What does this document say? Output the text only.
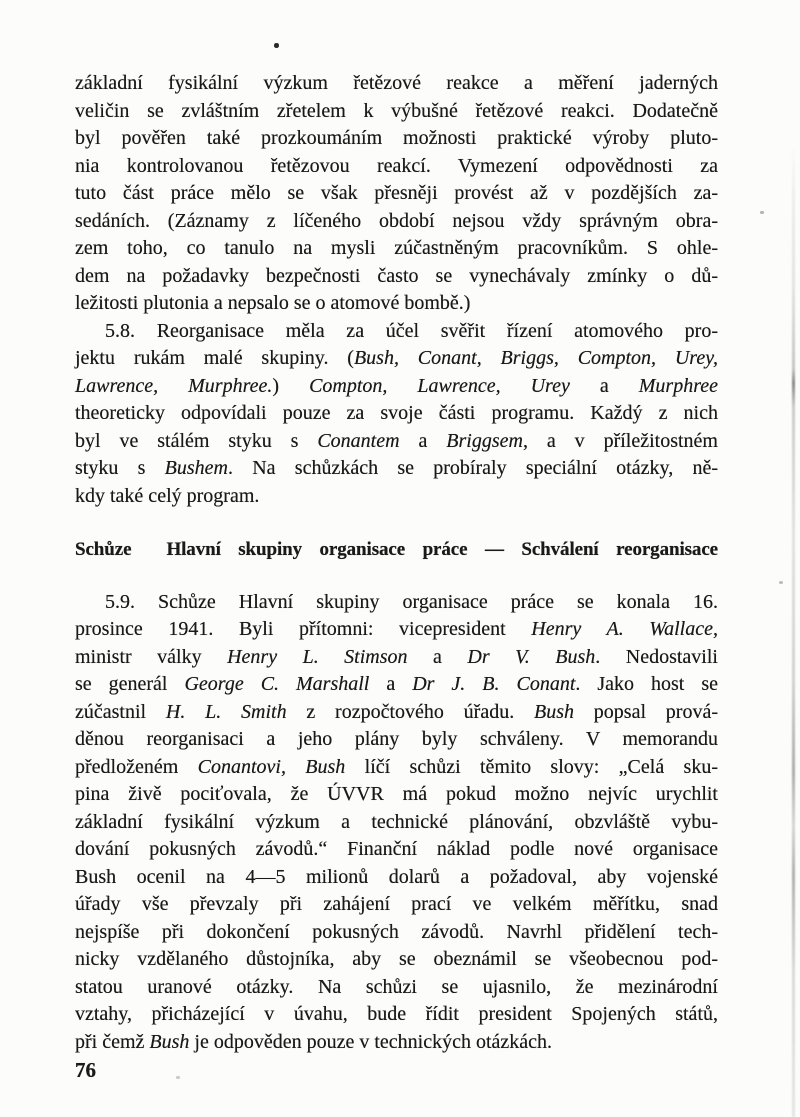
základní fysikální výzkum řetězové reakce a měření jaderných
veličin se zvláštním zřetelem k výbušné řetězové reakci. Dodatečně
byl pověřen také prozkoumáním možnosti praktické výroby pluto-
nia kontrolovanou řetězovou reakcí. Vymezení odpovědnosti za
tuto část práce mělo se však přesněji provést až v pozdějších za-
sedáních. (Záznamy z líčeného období nejsou vždy správným obra-
zem toho, co tanulo na mysli zúčastněným pracovníkům. S ohle-
dem na požadavky bezpečnosti často se vynechávaly zmínky o dů-
ležitosti plutonia a nepsalo se o atomové bombě.)
5.8. Reorganisace měla za účel svěřit řízení atomového pro-
jektu rukám malé skupiny. (Bush, Conant, Briggs, Compton, Urey,
Lawrence, Murphree.) Compton, Lawrence, Urey a Murphree
theoreticky odpovídali pouze za svoje části programu. Každý z nich
byl ve stálém styku s Conantem a Briggsem, a v příležitostném
styku s Bushem. Na schůzkách se probíraly speciální otázky, ně-
kdy také celý program.
Schůze  Hlavní skupiny organisace práce — Schválení reorganisace
5.9. Schůze Hlavní skupiny organisace práce se konala 16.
prosince 1941. Byli přítomni: vicepresident Henry A. Wallace,
ministr války Henry L. Stimson a Dr V. Bush. Nedostavili
se generál George C. Marshall a Dr J. B. Conant. Jako host se
zúčastnil H. L. Smith z rozpočtového úřadu. Bush popsal prová-
děnou reorganisaci a jeho plány byly schváleny. V memorandu
předloženém Conantovi, Bush líčí schůzi těmito slovy: „Celá sku-
pina živě pociťovala, že ÚVVR má pokud možno nejvíc urychlit
základní fysikální výzkum a technické plánování, obzvláště vybu-
dování pokusných závodů.“ Finanční náklad podle nové organisace
Bush ocenil na 4—5 milionů dolarů a požadoval, aby vojenské
úřady vše převzaly při zahájení prací ve velkém měřítku, snad
nejspíše při dokončení pokusných závodů. Navrhl přidělení tech-
nicky vzdělaného důstojníka, aby se obeznámil se všeobecnou pod-
statou uranové otázky. Na schůzi se ujasnilo, že mezinárodní
vztahy, přicházející v úvahu, bude řídit president Spojených států,
při čemž Bush je odpověden pouze v technických otázkách.
76
